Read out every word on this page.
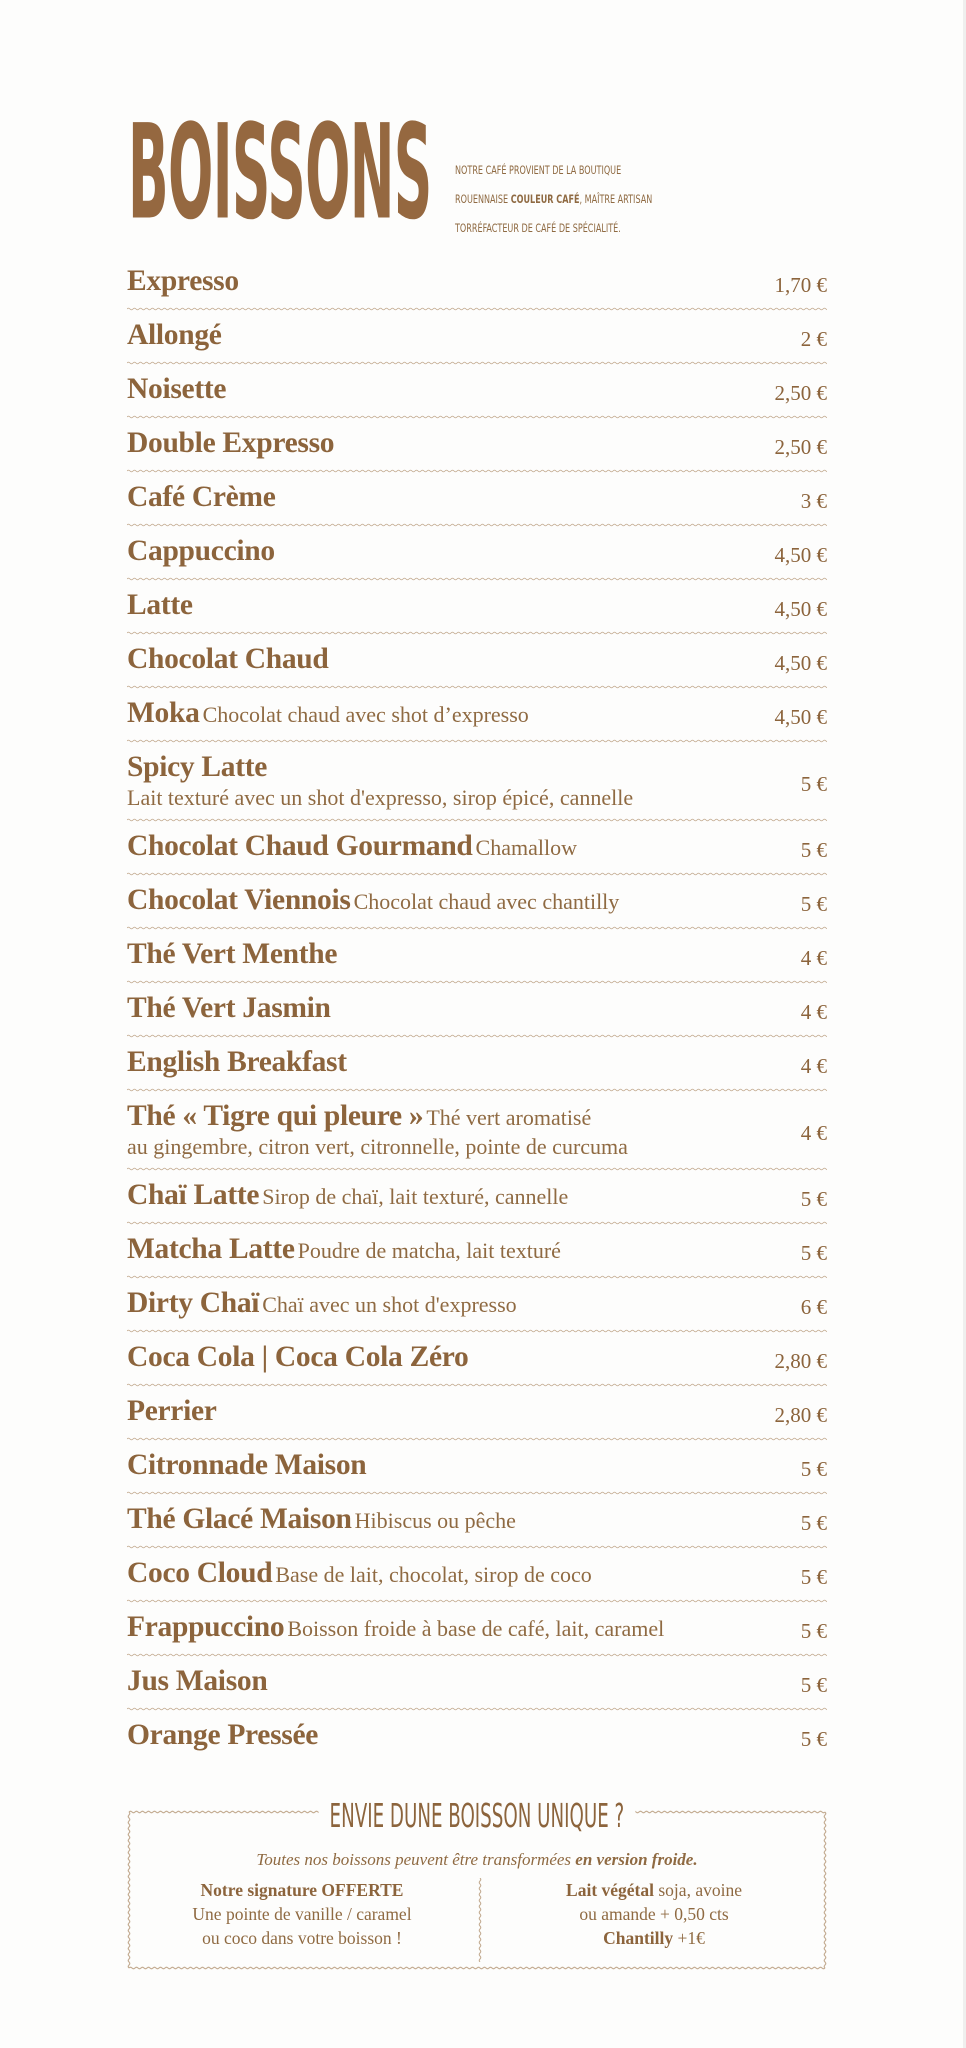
BOISSONS NOTRE CAFÉ PROVIENT DE LA BOUTIQUE
ROUENNAISE COULEUR CAFÉ, MAÎTRE ARTISAN
TORRÉFACTEUR DE CAFÉ DE SPÉCIALITÉ.
Expresso	1,70 €
Allongé	2 €
Noisette	2,50 €
Double Expresso	2,50 €
Café Crème	3 €
Cappuccino	4,50 €
Latte	4,50 €
Chocolat Chaud	4,50 €
Moka Chocolat chaud avec shot d’expresso	4,50 €
Spicy Latte
Lait texturé avec un shot d'expresso, sirop épicé, cannelle
5 €
Chocolat Chaud Gourmand Chamallow	5 €
Chocolat Viennois Chocolat chaud avec chantilly	5 €
Thé Vert Menthe	4 €
Thé Vert Jasmin	4 €
English Breakfast	4 €
Thé « Tigre qui pleure » Thé vert aromatisé
au gingembre, citron vert, citronnelle, pointe de curcuma
4 €
Chaï Latte Sirop de chaï, lait texturé, cannelle	5 €
Matcha Latte Poudre de matcha, lait texturé	5 €
Dirty Chaï Chaï avec un shot d'expresso	6 €
Coca Cola | Coca Cola Zéro	2,80 €
Perrier	2,80 €
Citronnade Maison	5 €
Thé Glacé Maison Hibiscus ou pêche	5 €
Coco Cloud Base de lait, chocolat, sirop de coco	5 €
Frappuccino Boisson froide à base de café, lait, caramel	5 €
Jus Maison	5 €
Orange Pressée	5 €
ENVIE DUNE BOISSON UNIQUE ?
Toutes nos boissons peuvent être transformées en version froide.
Notre signature OFFERTE
Une pointe de vanille / caramel
ou coco dans votre boisson !
Lait végétal soja, avoine
ou amande + 0,50 cts
Chantilly +1€
